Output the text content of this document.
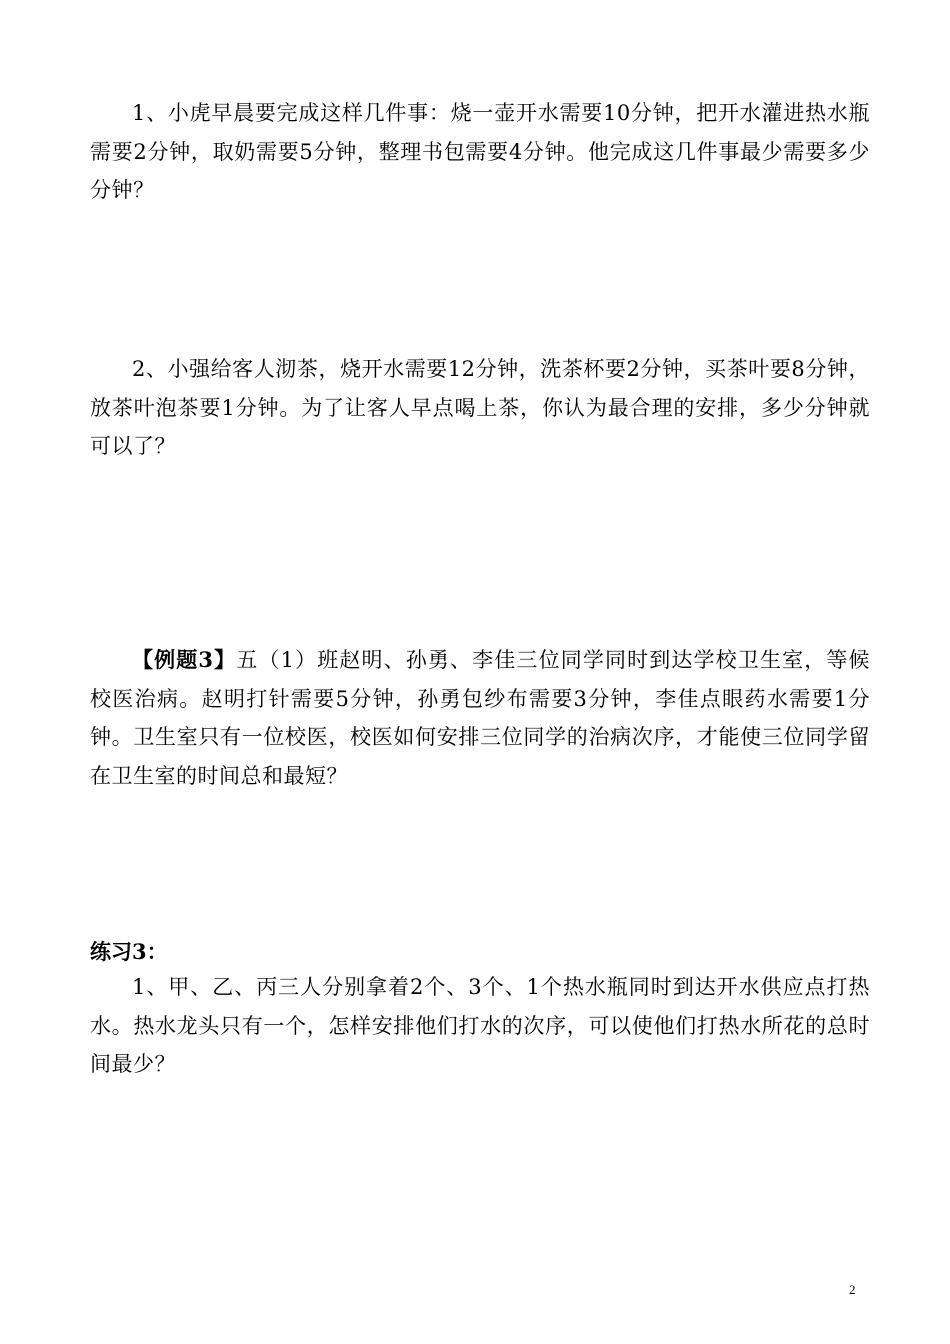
1、小虎早晨要完成这样几件事：烧一壶开水需要10分钟，把开水灌进热水瓶需要2分钟，取奶需要5分钟，整理书包需要4分钟。他完成这几件事最少需要多少分钟？
2、小强给客人沏茶，烧开水需要12分钟，洗茶杯要2分钟，买茶叶要8分钟，放茶叶泡茶要1分钟。为了让客人早点喝上茶，你认为最合理的安排，多少分钟就可以了？
【例题3】五（1）班赵明、孙勇、李佳三位同学同时到达学校卫生室，等候校医治病。赵明打针需要5分钟，孙勇包纱布需要3分钟，李佳点眼药水需要1分钟。卫生室只有一位校医，校医如何安排三位同学的治病次序，才能使三位同学留在卫生室的时间总和最短？
练习3：
1、甲、乙、丙三人分别拿着2个、3个、1个热水瓶同时到达开水供应点打热水。热水龙头只有一个，怎样安排他们打水的次序，可以使他们打热水所花的总时间最少？
2
